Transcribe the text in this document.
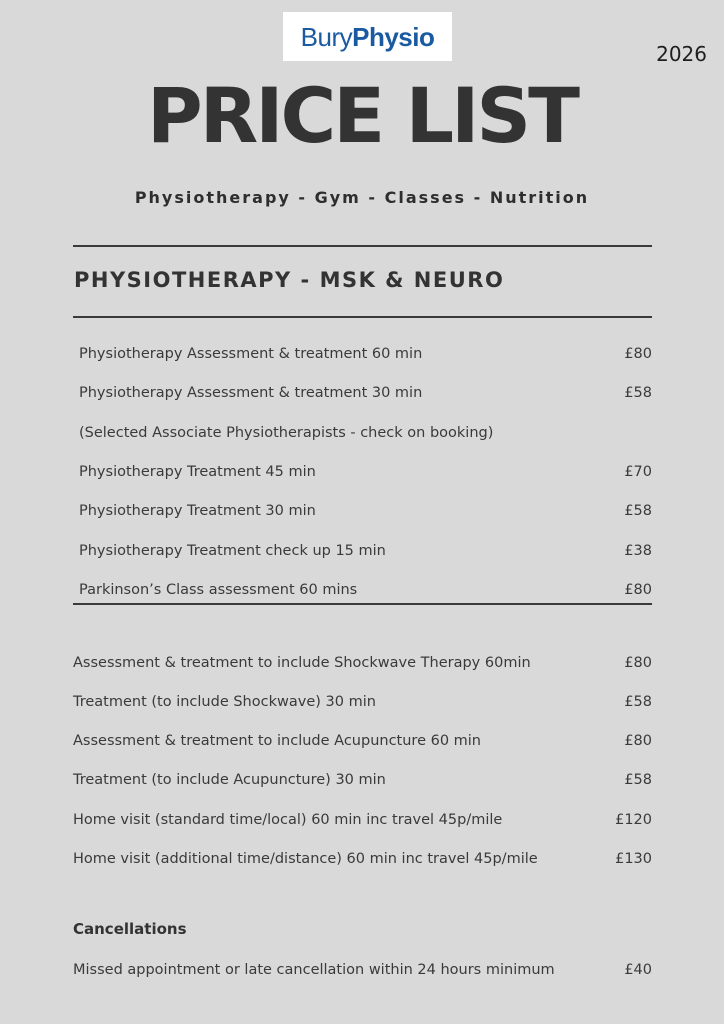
BuryPhysio
2026
PRICE LIST
Physiotherapy - Gym - Classes - Nutrition
PHYSIOTHERAPY - MSK & NEURO
Physiotherapy Assessment & treatment 60 min	£80
Physiotherapy Assessment & treatment 30 min	£58
(Selected Associate Physiotherapists - check on booking)
Physiotherapy Treatment 45 min	£70
Physiotherapy Treatment 30 min	£58
Physiotherapy Treatment check up 15 min	£38
Parkinson’s Class assessment 60 mins	£80
Assessment & treatment to include Shockwave Therapy 60min	£80
Treatment (to include Shockwave) 30 min	£58
Assessment & treatment to include Acupuncture 60 min	£80
Treatment (to include Acupuncture) 30 min	£58
Home visit (standard time/local) 60 min inc travel 45p/mile	£120
Home visit (additional time/distance) 60 min inc travel 45p/mile	£130
Cancellations
Missed appointment or late cancellation within 24 hours minimum	£40
